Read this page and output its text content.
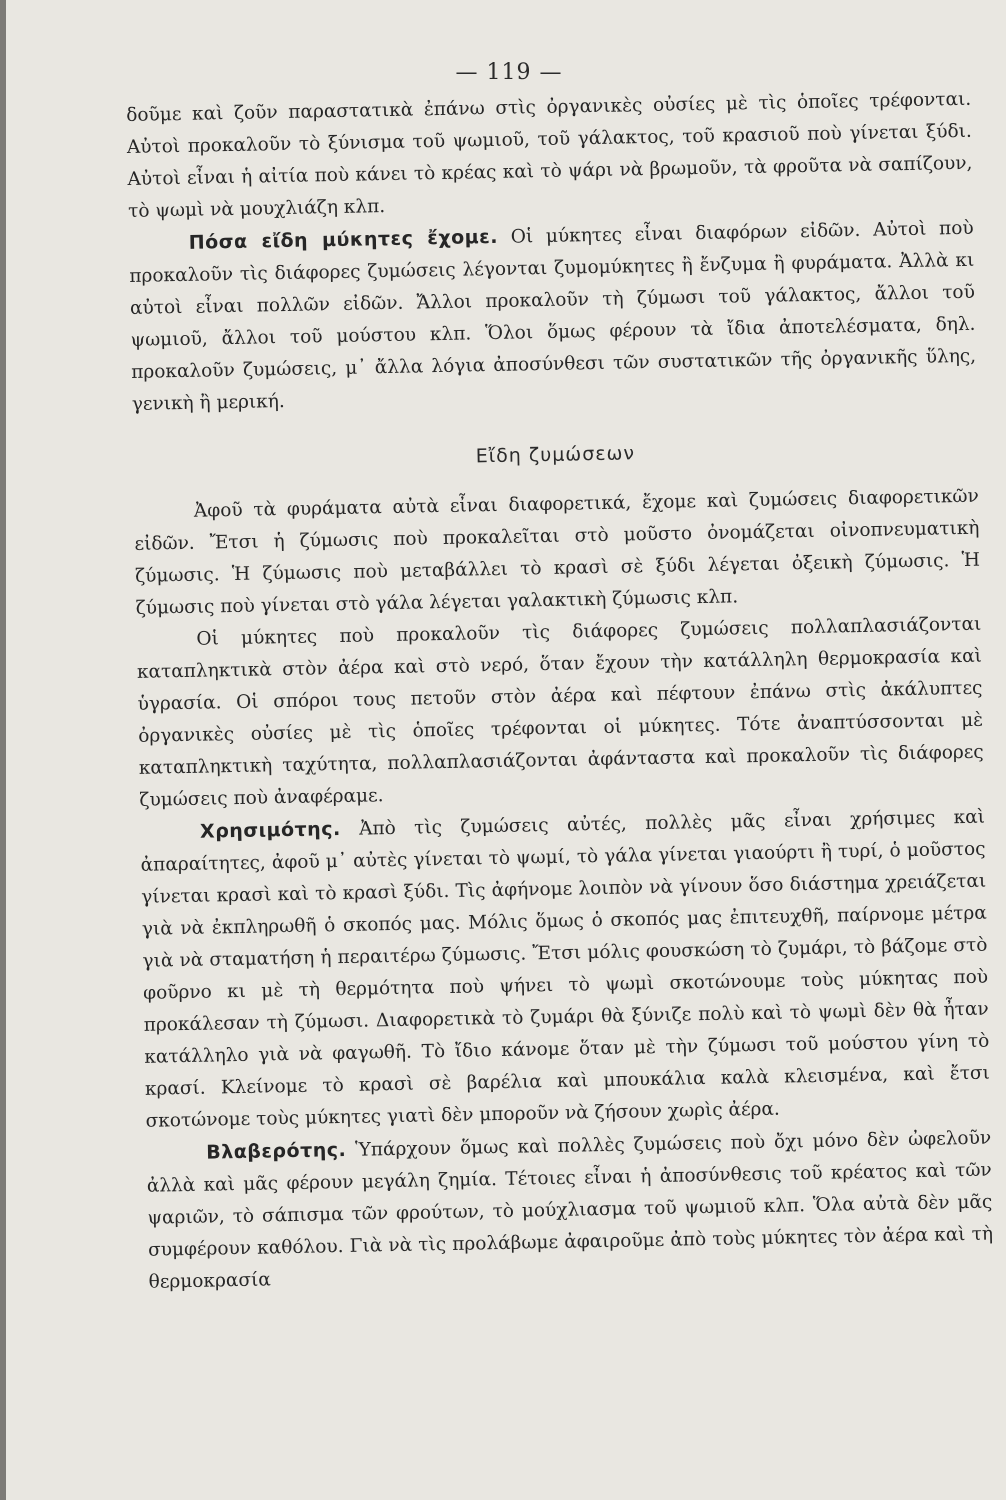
— 119 —

δοῦμε καὶ ζοῦν παραστατικὰ ἐπάνω στὶς ὀργανικὲς οὐσίες μὲ τὶς ὁποῖες τρέφονται. Αὐτοὶ προκαλοῦν τὸ ξύνισμα τοῦ ψωμιοῦ, τοῦ γάλακτος, τοῦ κρασιοῦ ποὺ γίνεται ξύδι. Αὐτοὶ εἶναι ἡ αἰτία ποὺ κάνει τὸ κρέας καὶ τὸ ψάρι νὰ βρωμοῦν, τὰ φροῦτα νὰ σαπίζουν, τὸ ψωμὶ νὰ μουχλιάζη κλπ.

Πόσα εἴδη μύκητες ἔχομε. Οἱ μύκητες εἶναι διαφόρων εἰδῶν. Αὐτοὶ ποὺ προκαλοῦν τὶς διάφορες ζυμώσεις λέγονται ζυμομύκητες ἢ ἔνζυμα ἢ φυράματα. Ἀλλὰ κι αὐτοὶ εἶναι πολλῶν εἰδῶν. Ἄλλοι προκαλοῦν τὴ ζύμωσι τοῦ γάλακτος, ἄλλοι τοῦ ψωμιοῦ, ἄλλοι τοῦ μούστου κλπ. Ὅλοι ὅμως φέρουν τὰ ἴδια ἀποτελέσματα, δηλ. προκαλοῦν ζυμώσεις, μ᾽ ἄλλα λόγια ἀποσύνθεσι τῶν συστατικῶν τῆς ὀργανικῆς ὕλης, γενικὴ ἢ μερική.

Εἴδη ζυμώσεων

Ἀφοῦ τὰ φυράματα αὐτὰ εἶναι διαφορετικά, ἔχομε καὶ ζυμώσεις διαφορετικῶν εἰδῶν. Ἔτσι ἡ ζύμωσις ποὺ προκαλεῖται στὸ μοῦστο ὀνομάζεται οἰνοπνευματικὴ ζύμωσις. Ἡ ζύμωσις ποὺ μεταβάλλει τὸ κρασὶ σὲ ξύδι λέγεται ὀξεικὴ ζύμωσις. Ἡ ζύμωσις ποὺ γίνεται στὸ γάλα λέγεται γαλακτικὴ ζύμωσις κλπ.

Οἱ μύκητες ποὺ προκαλοῦν τὶς διάφορες ζυμώσεις πολλαπλασιάζονται καταπληκτικὰ στὸν ἀέρα καὶ στὸ νερό, ὅταν ἔχουν τὴν κατάλληλη θερμοκρασία καὶ ὑγρασία. Οἱ σπόροι τους πετοῦν στὸν ἀέρα καὶ πέφτουν ἐπάνω στὶς ἀκάλυπτες ὀργανικὲς οὐσίες μὲ τὶς ὁποῖες τρέφονται οἱ μύκητες. Τότε ἀναπτύσσονται μὲ καταπληκτικὴ ταχύτητα, πολλαπλασιάζονται ἀφάνταστα καὶ προκαλοῦν τὶς διάφορες ζυμώσεις ποὺ ἀναφέραμε.

Χρησιμότης. Ἀπὸ τὶς ζυμώσεις αὐτές, πολλὲς μᾶς εἶναι χρήσιμες καὶ ἀπαραίτητες, ἀφοῦ μ᾽ αὐτὲς γίνεται τὸ ψωμί, τὸ γάλα γίνεται γιαούρτι ἢ τυρί, ὁ μοῦστος γίνεται κρασὶ καὶ τὸ κρασὶ ξύδι. Τὶς ἀφήνομε λοιπὸν νὰ γίνουν ὅσο διάστημα χρειάζεται γιὰ νὰ ἐκπληρωθῆ ὁ σκοπός μας. Μόλις ὅμως ὁ σκοπός μας ἐπιτευχθῆ, παίρνομε μέτρα γιὰ νὰ σταματήση ἡ περαιτέρω ζύμωσις. Ἔτσι μόλις φουσκώση τὸ ζυμάρι, τὸ βάζομε στὸ φοῦρνο κι μὲ τὴ θερμότητα ποὺ ψήνει τὸ ψωμὶ σκοτώνουμε τοὺς μύκητας ποὺ προκάλεσαν τὴ ζύμωσι. Διαφορετικὰ τὸ ζυμάρι θὰ ξύνιζε πολὺ καὶ τὸ ψωμὶ δὲν θὰ ἦταν κατάλληλο γιὰ νὰ φαγωθῆ. Τὸ ἴδιο κάνομε ὅταν μὲ τὴν ζύμωσι τοῦ μούστου γίνη τὸ κρασί. Κλείνομε τὸ κρασὶ σὲ βαρέλια καὶ μπουκάλια καλὰ κλεισμένα, καὶ ἔτσι σκοτώνομε τοὺς μύκητες γιατὶ δὲν μποροῦν νὰ ζήσουν χωρὶς ἀέρα.

Βλαβερότης. Ὑπάρχουν ὅμως καὶ πολλὲς ζυμώσεις ποὺ ὄχι μόνο δὲν ὠφελοῦν ἀλλὰ καὶ μᾶς φέρουν μεγάλη ζημία. Τέτοιες εἶναι ἡ ἀποσύνθεσις τοῦ κρέατος καὶ τῶν ψαριῶν, τὸ σάπισμα τῶν φρούτων, τὸ μούχλιασμα τοῦ ψωμιοῦ κλπ. Ὅλα αὐτὰ δὲν μᾶς συμφέρουν καθόλου. Γιὰ νὰ τὶς προλάβωμε ἀφαιροῦμε ἀπὸ τοὺς μύκητες τὸν ἀέρα καὶ τὴ θερμοκρασία
